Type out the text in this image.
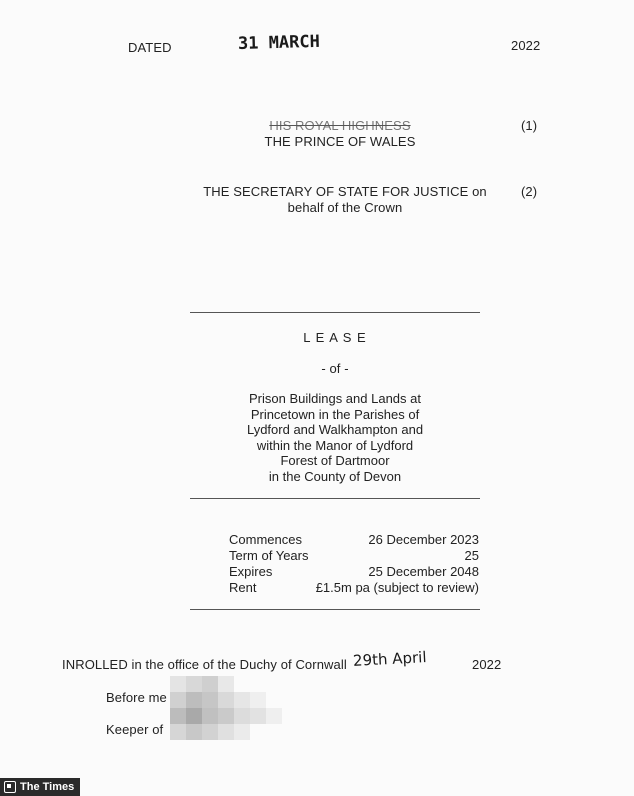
DATED	31 MARCH	2022
HIS ROYAL HIGHNESS
THE PRINCE OF WALES
(1)
THE SECRETARY OF STATE FOR JUSTICE on
behalf of the Crown
(2)
L E A S E
- of -
Prison Buildings and Lands at
Princetown in the Parishes of
Lydford and Walkhampton and
within the Manor of Lydford
Forest of Dartmoor
in the County of Devon
Commences	26 December 2023
Term of Years	25
Expires	25 December 2048
Rent	£1.5m pa (subject to review)
INROLLED in the office of the Duchy of Cornwall 29th April	2022
Before me
Keeper of
The Times
